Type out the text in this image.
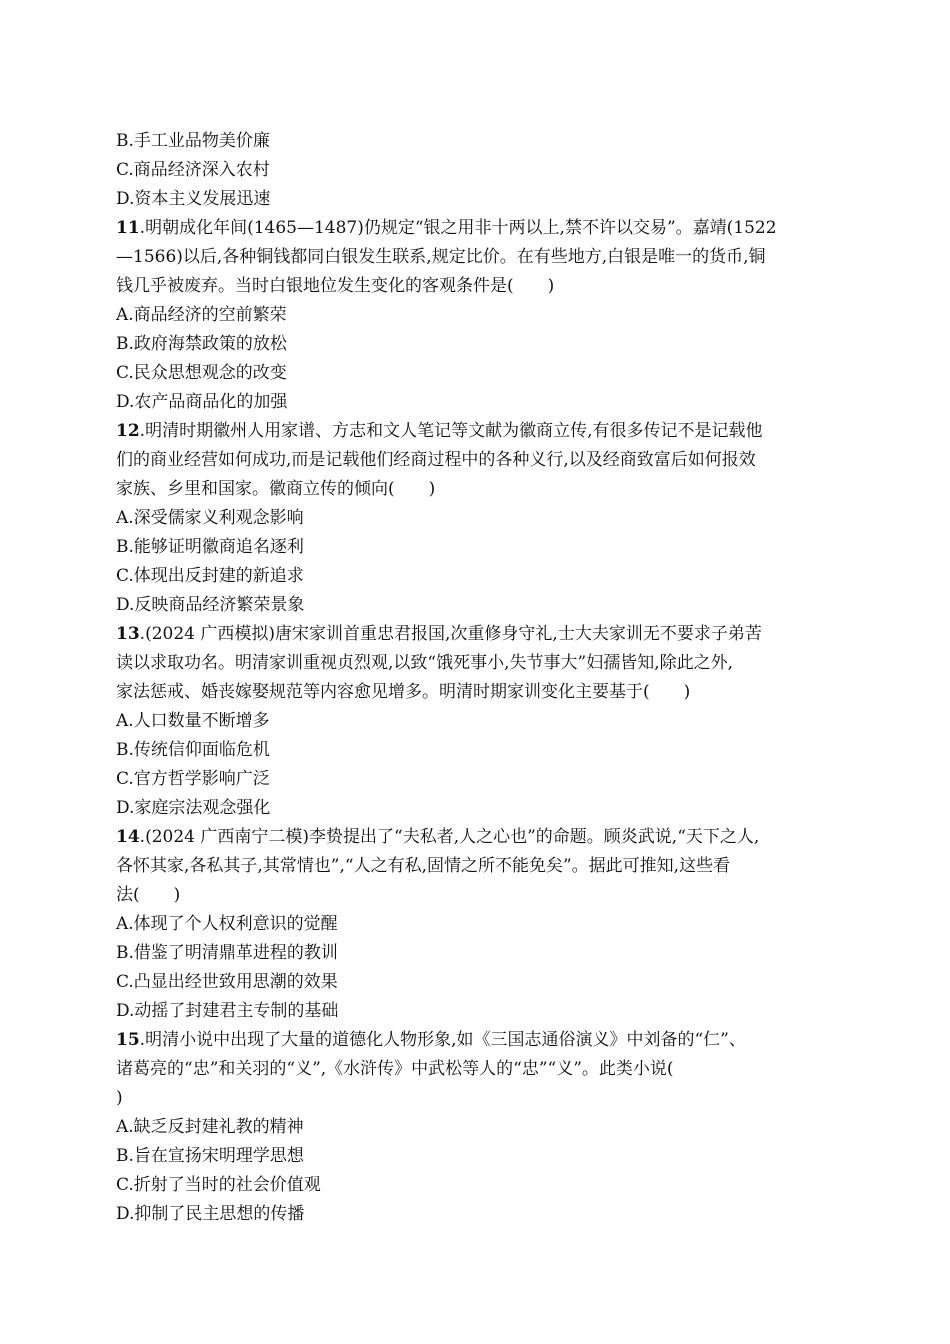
B.手工业品物美价廉
C.商品经济深入农村
D.资本主义发展迅速
11.明朝成化年间(1465—1487)仍规定“银之用非十两以上,禁不许以交易”。嘉靖(1522
—1566)以后,各种铜钱都同白银发生联系,规定比价。在有些地方,白银是唯一的货币,铜
钱几乎被废弃。当时白银地位发生变化的客观条件是(　　)
A.商品经济的空前繁荣
B.政府海禁政策的放松
C.民众思想观念的改变
D.农产品商品化的加强
12.明清时期徽州人用家谱、方志和文人笔记等文献为徽商立传,有很多传记不是记载他
们的商业经营如何成功,而是记载他们经商过程中的各种义行,以及经商致富后如何报效
家族、乡里和国家。徽商立传的倾向(　　)
A.深受儒家义利观念影响
B.能够证明徽商追名逐利
C.体现出反封建的新追求
D.反映商品经济繁荣景象
13.(2024 广西模拟)唐宋家训首重忠君报国,次重修身守礼,士大夫家训无不要求子弟苦
读以求取功名。明清家训重视贞烈观,以致“饿死事小,失节事大”妇孺皆知,除此之外,
家法惩戒、婚丧嫁娶规范等内容愈见增多。明清时期家训变化主要基于(　　)
A.人口数量不断增多
B.传统信仰面临危机
C.官方哲学影响广泛
D.家庭宗法观念强化
14.(2024 广西南宁二模)李贽提出了“夫私者,人之心也”的命题。顾炎武说,“天下之人,
各怀其家,各私其子,其常情也”,“人之有私,固情之所不能免矣”。据此可推知,这些看
法(　　)
A.体现了个人权利意识的觉醒
B.借鉴了明清鼎革进程的教训
C.凸显出经世致用思潮的效果
D.动摇了封建君主专制的基础
15.明清小说中出现了大量的道德化人物形象,如《三国志通俗演义》中刘备的“仁”、
诸葛亮的“忠”和关羽的“义”,《水浒传》中武松等人的“忠”“义”。此类小说(
)
A.缺乏反封建礼教的精神
B.旨在宣扬宋明理学思想
C.折射了当时的社会价值观
D.抑制了民主思想的传播
